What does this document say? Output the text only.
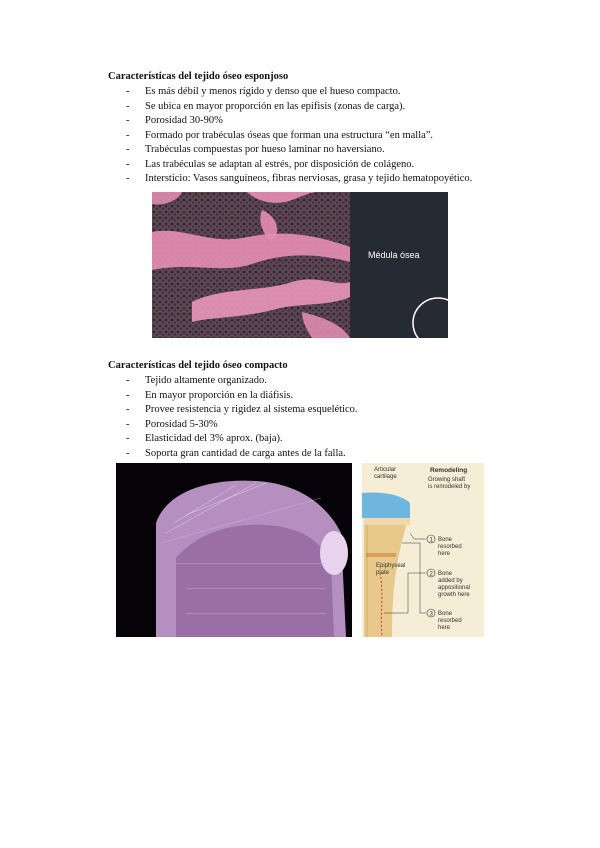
Características del tejido óseo esponjoso
- Es más débil y menos rígido y denso que el hueso compacto.
- Se ubica en mayor proporción en las epífisis (zonas de carga).
- Porosidad 30-90%
- Formado por trabéculas óseas que forman una estructura “en malla”.
- Trabéculas compuestas por hueso laminar no haversiano.
- Las trabéculas se adaptan al estrés, por disposición de colágeno.
- Intersticio: Vasos sanguíneos, fibras nerviosas, grasa y tejido hematopoyético.
Médula ósea
Características del tejido óseo compacto
- Tejido altamente organizado.
- En mayor proporción en la diáfisis.
- Provee resistencia y rigidez al sistema esquelético.
- Porosidad 5-30%
- Elasticidad del 3% aprox. (baja).
- Soporta gran cantidad de carga antes de la falla.
Articular
cartilage
Remodeling
Growing shaft
is remodeled by
Epiphyseal
plate
1 Bone
resorbed
here
2 Bone
added by
appositional
growth here
3 Bone
resorbed
here
